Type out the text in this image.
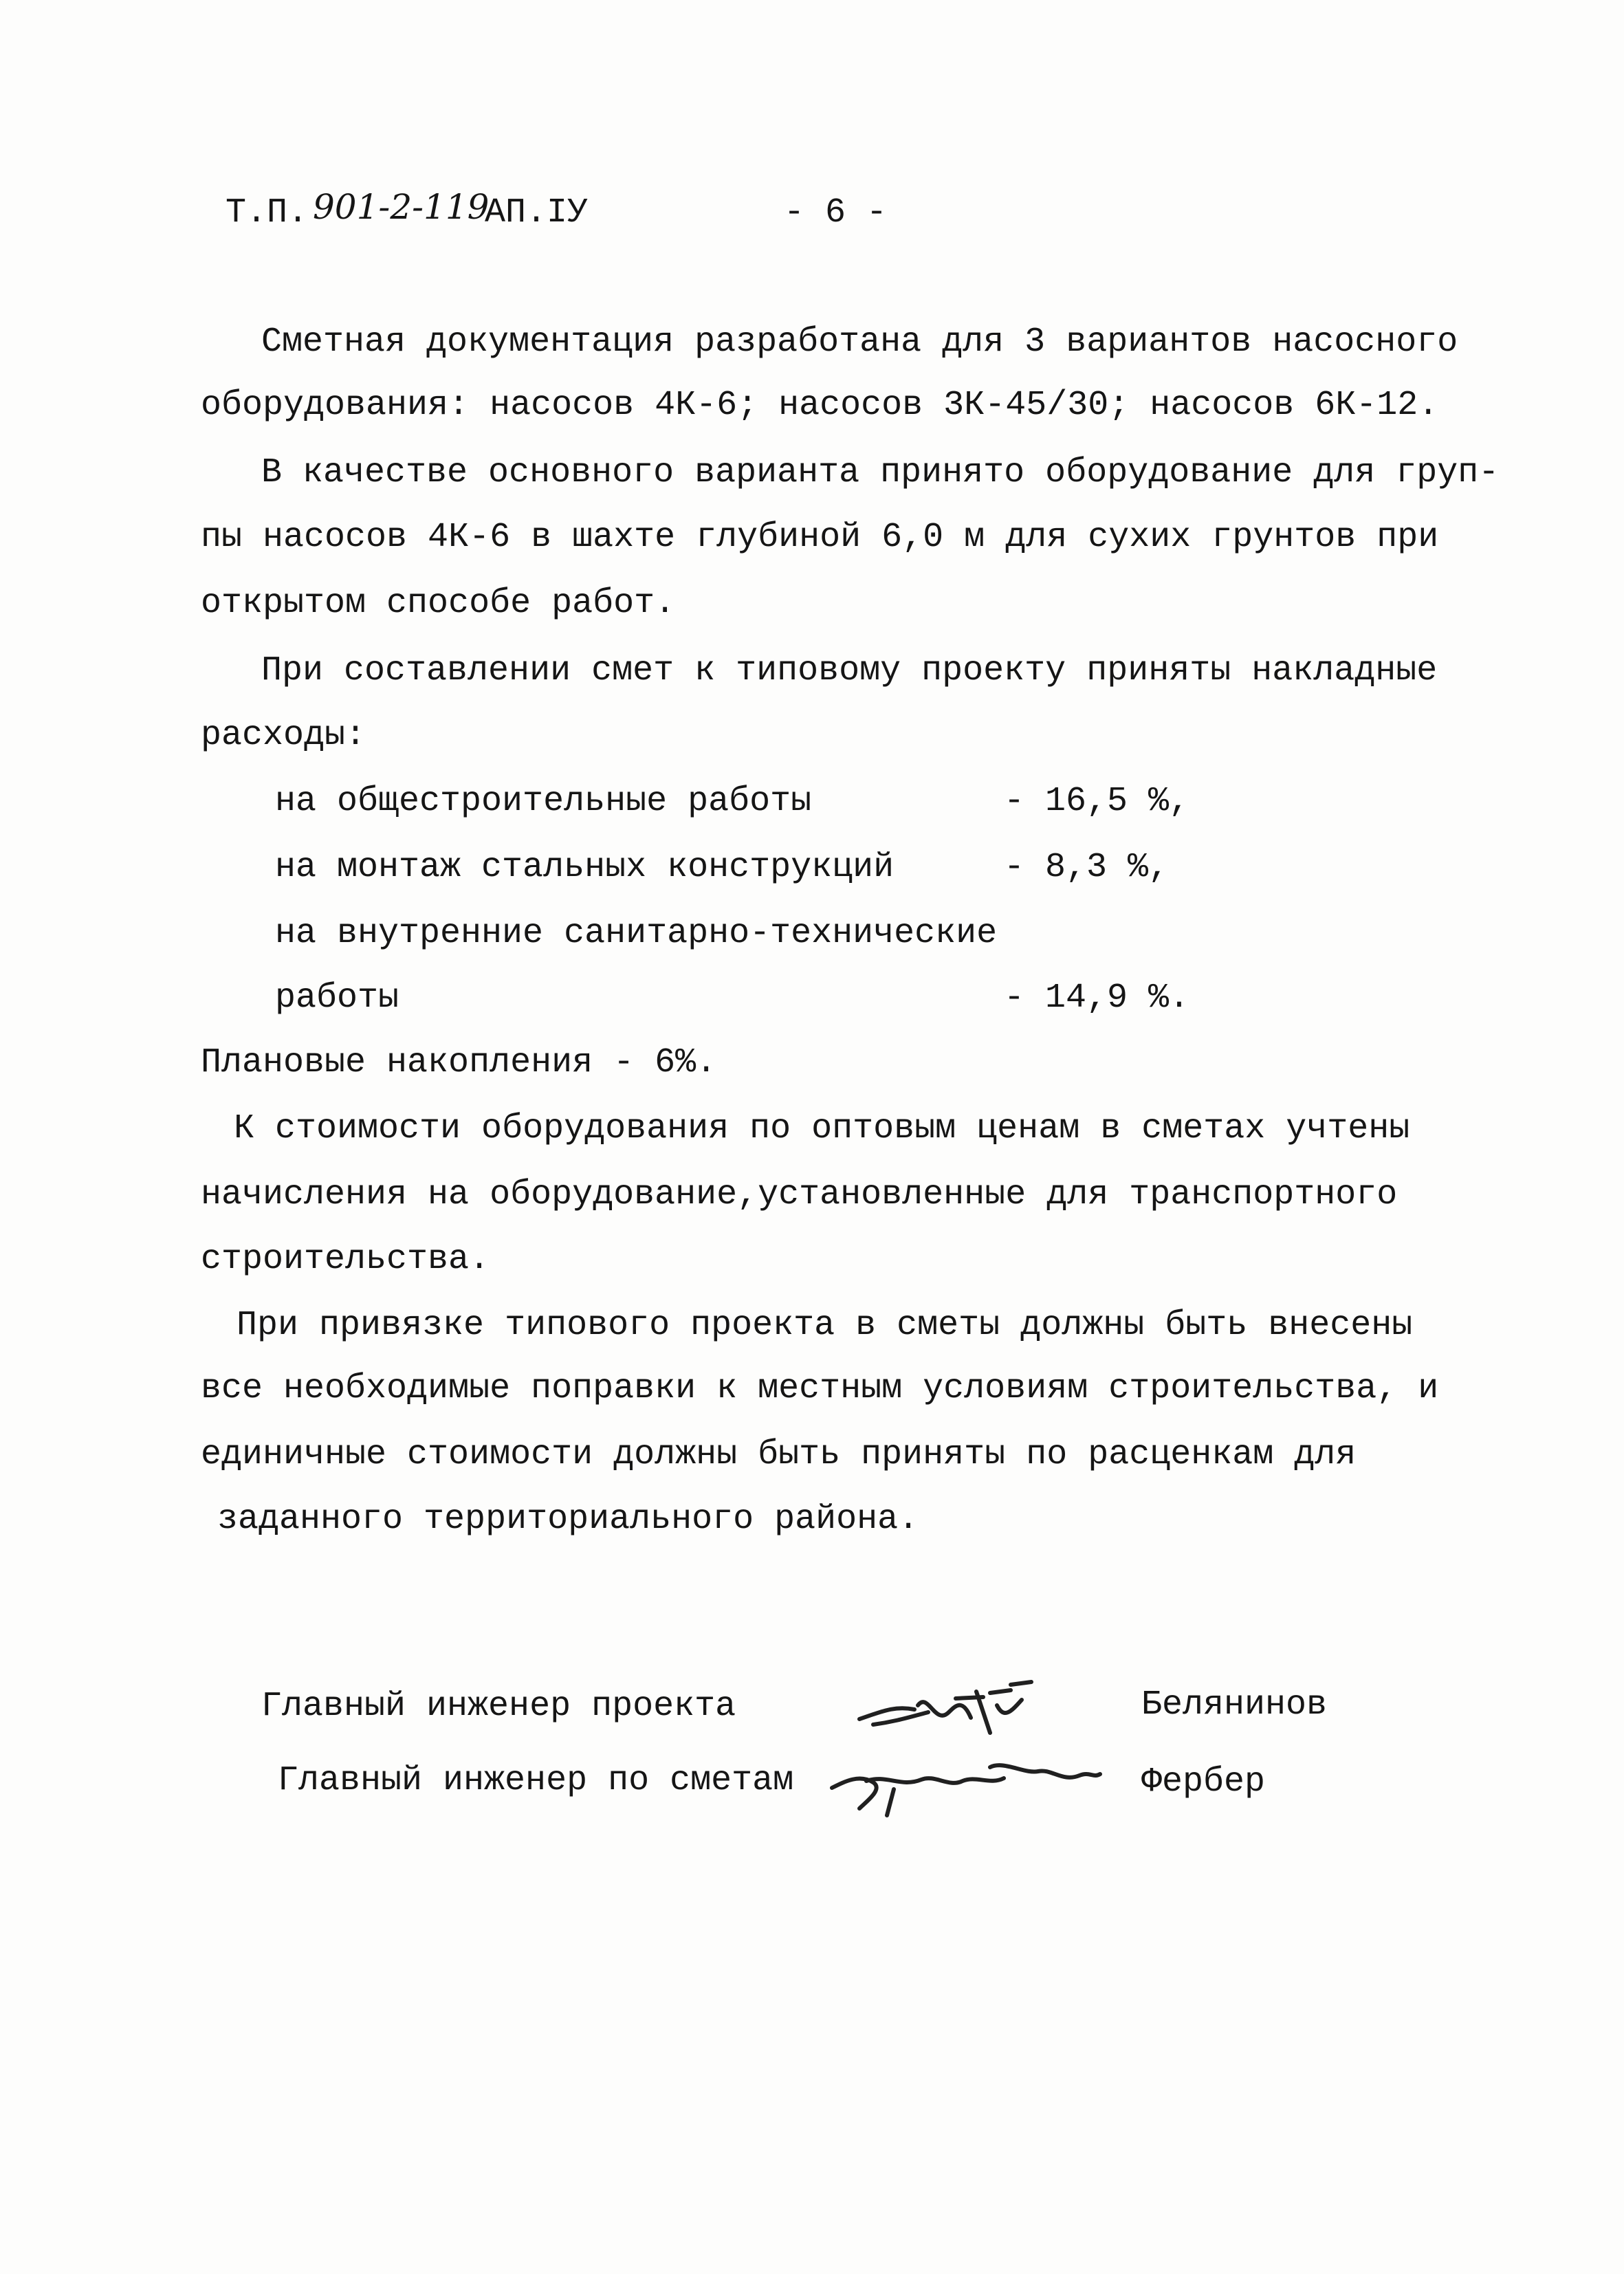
Т.П. 901-2-119
АП.IУ	- 6 -
Сметная документация разработана для 3 вариантов насосного
оборудования: насосов 4К-6; насосов 3К-45/30; насосов 6К-12.
В качестве основного варианта принято оборудование для груп-
пы насосов 4К-6 в шахте глубиной 6,0 м для сухих грунтов при
открытом способе работ.
При составлении смет к типовому проекту приняты накладные
расходы:
на общестроительные работы	- 16,5 %,
на монтаж стальных конструкций	- 8,3 %,
на внутренние санитарно-технические
работы	- 14,9 %.
Плановые накопления - 6%.
К стоимости оборудования по оптовым ценам в сметах учтены
начисления на оборудование,установленные для транспортного
строительства.
При привязке типового проекта в сметы должны быть внесены
все необходимые поправки к местным условиям строительства, и
единичные стоимости должны быть приняты по расценкам для
заданного территориального района.
Главный инженер проекта	Белянинов
Главный инженер по сметам	Фербер
